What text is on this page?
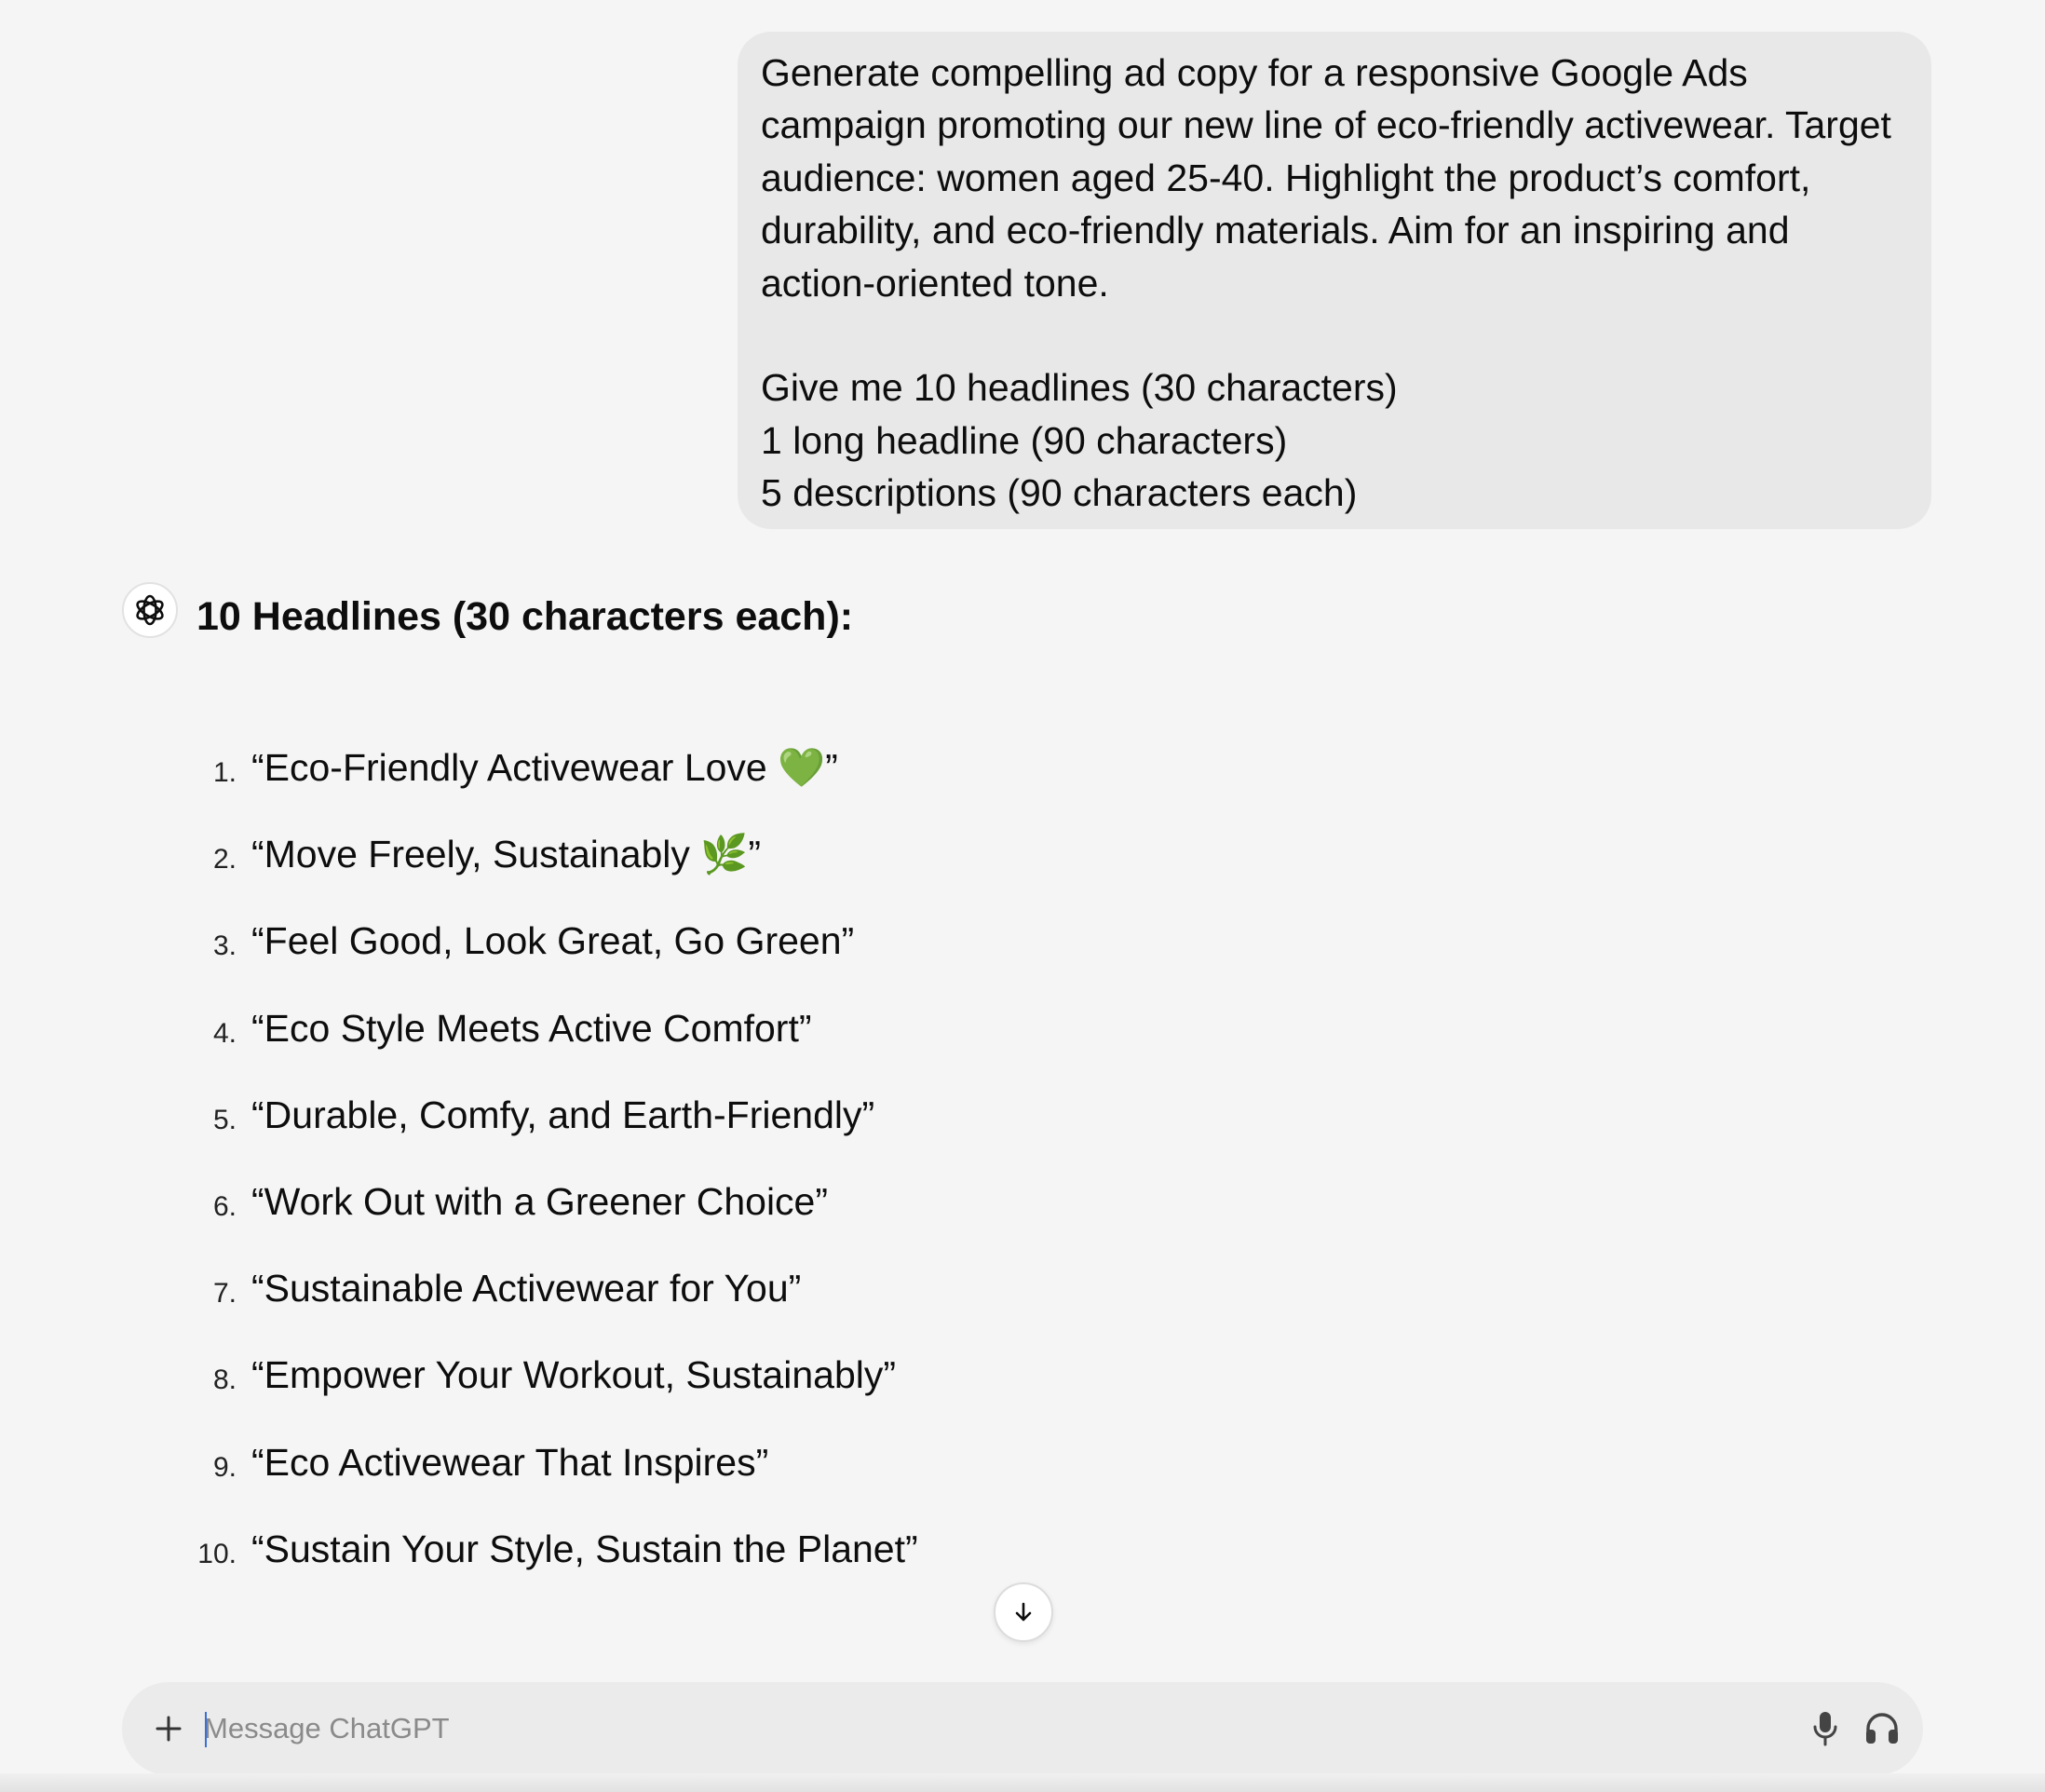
Generate compelling ad copy for a responsive Google Ads campaign promoting our new line of eco-friendly activewear. Target audience: women aged 25-40. Highlight the product’s comfort, durability, and eco-friendly materials. Aim for an inspiring and action-oriented tone.

Give me 10 headlines (30 characters)

1 long headline (90 characters)

5 descriptions (90 characters each)

10 Headlines (30 characters each):
1. “Eco-Friendly Activewear Love 💚”
2. “Move Freely, Sustainably 🌿”
3. “Feel Good, Look Great, Go Green”
4. “Eco Style Meets Active Comfort”
5. “Durable, Comfy, and Earth-Friendly”
6. “Work Out with a Greener Choice”
7. “Sustainable Activewear for You”
8. “Empower Your Workout, Sustainably”
9. “Eco Activewear That Inspires”
10. “Sustain Your Style, Sustain the Planet”
Message ChatGPT
